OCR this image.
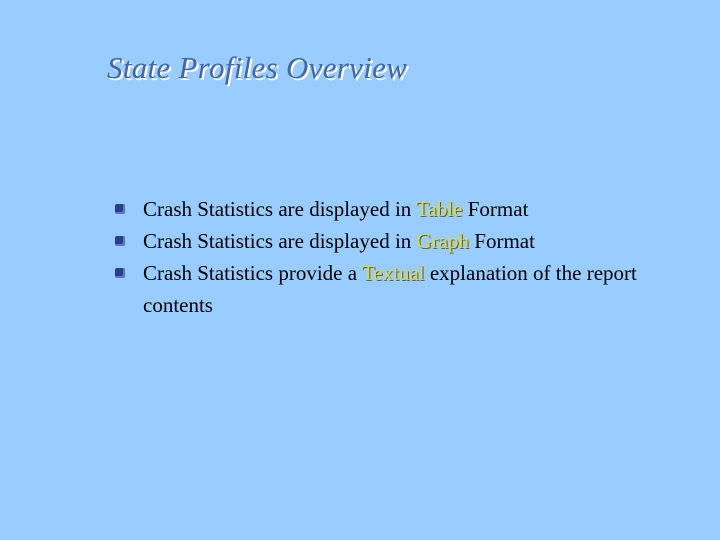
State Profiles Overview
Crash Statistics are displayed in Table Format
Crash Statistics are displayed in Graph Format
Crash Statistics provide a Textual explanation of the report contents
